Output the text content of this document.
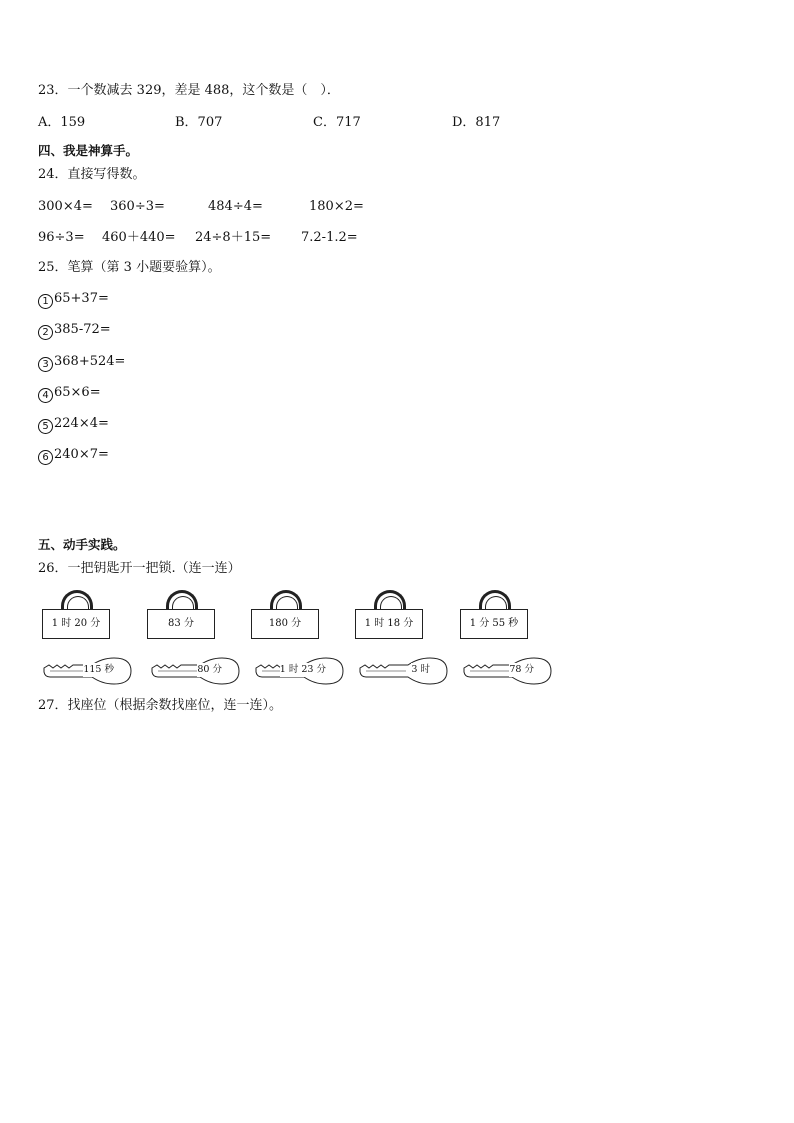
23．一个数减去 329，差是 488，这个数是（　）．
A．159	B．707	C．717	D．817
四、我是神算手。
24．直接写得数。
300×4= 360÷3=	484÷4=	180×2=
96÷3= 460＋440= 24÷8＋15= 7.2-1.2=
25．笔算（第 3 小题要验算）。
1 65+37=
2 385-72=
3 368+524=
4 65×6=
5 224×4=
6 240×7=
五、动手实践。
26．一把钥匙开一把锁.（连一连）
1 时 20 分	83 分	180 分	1 时 18 分	1 分 55 秒
115 秒	80 分	1 时 23 分	3 时	78 分
27．找座位（根据余数找座位，连一连）。
